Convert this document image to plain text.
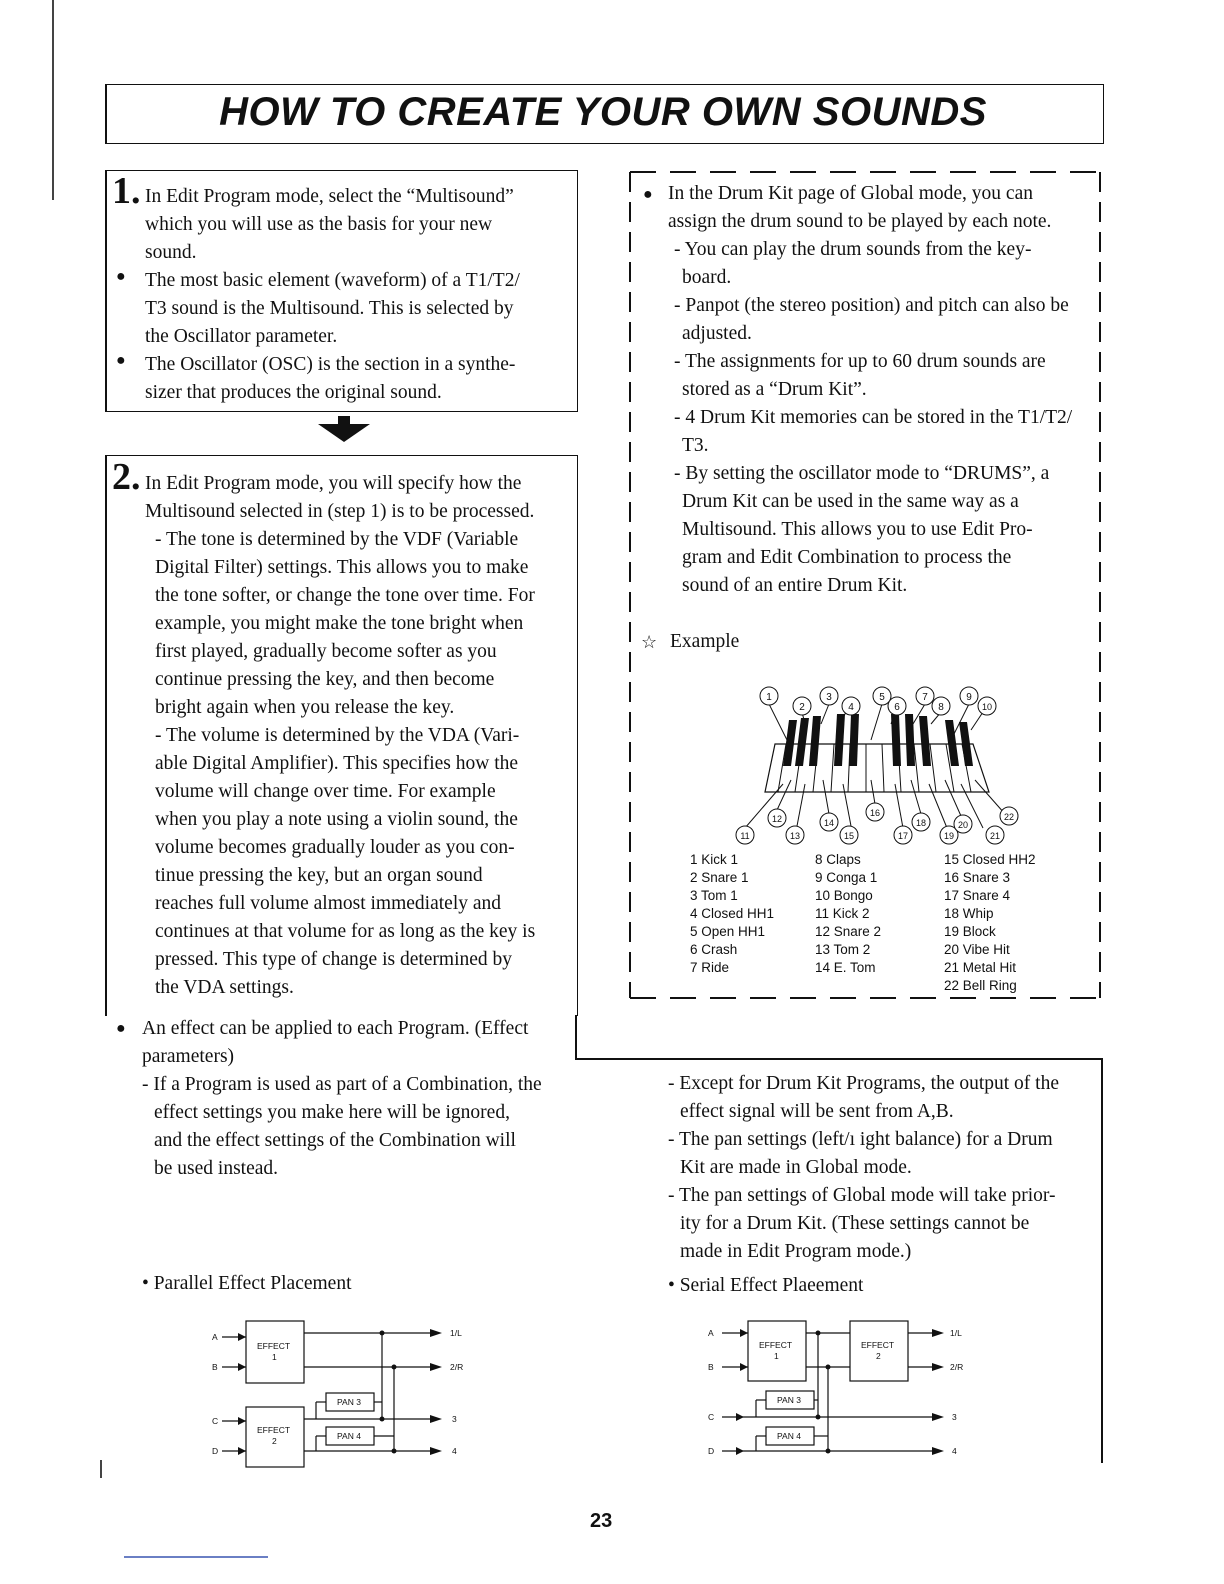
HOW TO CREATE YOUR OWN SOUNDS
1. In Edit Program mode, select the “Multisound”
which you will use as the basis for your new
sound.
The most basic element (waveform) of a T1/T2/
T3 sound is the Multisound. This is selected by
the Oscillator parameter.
The Oscillator (OSC) is the section in a synthe-
sizer that produces the original sound.
●
●
2. In Edit Program mode, you will specify how the
Multisound selected in (step 1) is to be processed.
- The tone is determined by the VDF (Variable
Digital Filter) settings. This allows you to make
the tone softer, or change the tone over time. For
example, you might make the tone bright when
first played, gradually become softer as you
continue pressing the key, and then become
bright again when you release the key.
- The volume is determined by the VDA (Vari-
able Digital Amplifier). This specifies how the
volume will change over time. For example
when you play a note using a violin sound, the
volume becomes gradually louder as you con-
tinue pressing the key, but an organ sound
reaches full volume almost immediately and
continues at that volume for as long as the key is
pressed. This type of change is determined by
the VDA settings.
● An effect can be applied to each Program. (Effect
parameters)
- If a Program is used as part of a Combination, the
effect settings you make here will be ignored,
and the effect settings of the Combination will
be used instead.
- Except for Drum Kit Programs, the output of the
effect signal will be sent from A,B.
- The pan settings (left/ı ight balance) for a Drum
Kit are made in Global mode.
- The pan settings of Global mode will take prior-
ity for a Drum Kit. (These settings cannot be
made in Edit Program mode.)
• Parallel Effect Placement	• Serial Effect Plaeement
● In the Drum Kit page of Global mode, you can
assign the drum sound to be played by each note.
- You can play the drum sounds from the key-
board.
- Panpot (the stereo position) and pitch can also be
adjusted.
- The assignments for up to 60 drum sounds are
stored as a “Drum Kit”.
- 4 Drum Kit memories can be stored in the T1/T2/
T3.
- By setting the oscillator mode to “DRUMS”, a
Drum Kit can be used in the same way as a
Multisound. This allows you to use Edit Pro-
gram and Edit Combination to process the
sound of an entire Drum Kit.
☆ Example
1
2
3
4
5
6
7
8
9
10
11
12
13
14
15
16
17
18
19
20
21
22
1 Kick 1
2 Snare 1
3 Tom 1
4 Closed HH1
5 Open HH1
6 Crash
7 Ride
8 Claps
9 Conga 1
10 Bongo
11 Kick 2
12 Snare 2
13 Tom 2
14 E. Tom
15 Closed HH2
16 Snare 3
17 Snare 4
18 Whip
19 Block
20 Vibe Hit
21 Metal Hit
22 Bell Ring
A
B
C
D
EFFECT
1
EFFECT
2
PAN 3
PAN 4
1/L
2/R
3
4
A
B
C
D
EFFECT
1
EFFECT
2
PAN 3
PAN 4
1/L
2/R
3
4
23
